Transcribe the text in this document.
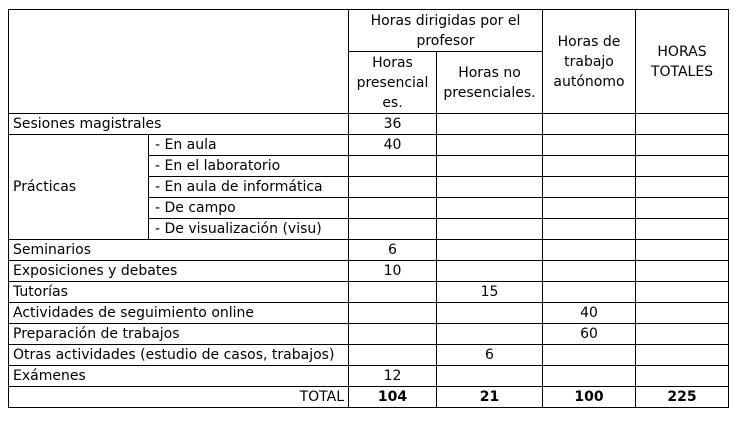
		Horas dirigidas por el profesor		Horas de trabajo autónomo	HORAS TOTALES
		Horas presencial es.	Horas no presenciales.		
Sesiones magistrales		36			
Prácticas	- En aula	40			
	- En el laboratorio				
	- En aula de informática				
	- De campo				
	- De visualización (visu)				
Seminarios		6			
Exposiciones y debates		10			
Tutorías			15		
Actividades de seguimiento online				40	
Preparación de trabajos				60	
Otras actividades (estudio de casos, trabajos)			6		
Exámenes		12			
TOTAL		104	21	100	225
